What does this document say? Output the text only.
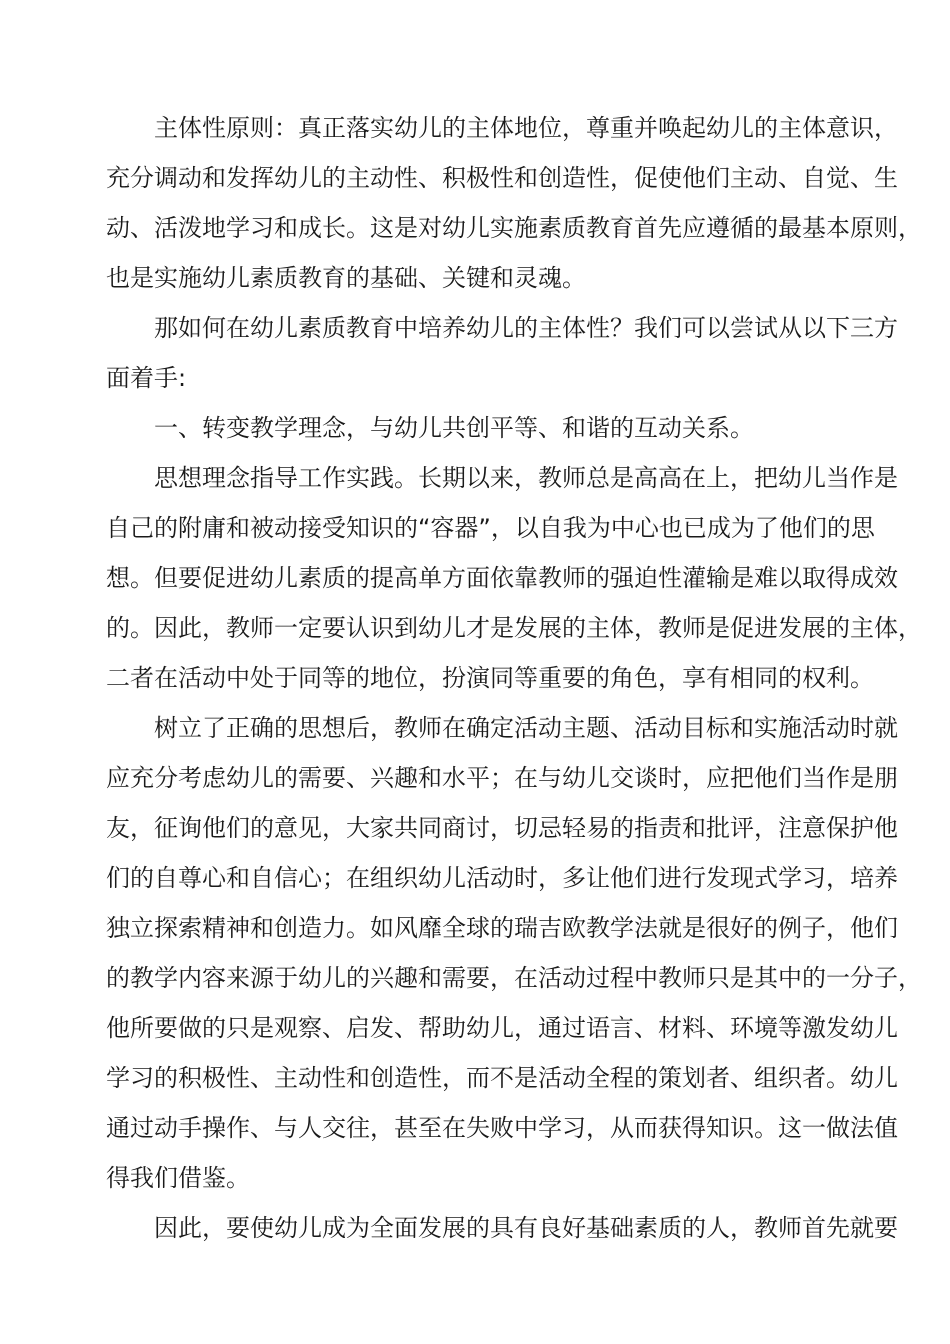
主体性原则：真正落实幼儿的主体地位，尊重并唤起幼儿的主体意识，
充分调动和发挥幼儿的主动性、积极性和创造性，促使他们主动、自觉、生
动、活泼地学习和成长。这是对幼儿实施素质教育首先应遵循的最基本原则，
也是实施幼儿素质教育的基础、关键和灵魂。
那如何在幼儿素质教育中培养幼儿的主体性？我们可以尝试从以下三方
面着手:
一、转变教学理念，与幼儿共创平等、和谐的互动关系。
思想理念指导工作实践。长期以来，教师总是高高在上，把幼儿当作是
自己的附庸和被动接受知识的“容器”，以自我为中心也已成为了他们的思
想。但要促进幼儿素质的提高单方面依靠教师的强迫性灌输是难以取得成效
的。因此，教师一定要认识到幼儿才是发展的主体，教师是促进发展的主体，
二者在活动中处于同等的地位，扮演同等重要的角色，享有相同的权利。
树立了正确的思想后，教师在确定活动主题、活动目标和实施活动时就
应充分考虑幼儿的需要、兴趣和水平；在与幼儿交谈时，应把他们当作是朋
友，征询他们的意见，大家共同商讨，切忌轻易的指责和批评，注意保护他
们的自尊心和自信心；在组织幼儿活动时，多让他们进行发现式学习，培养
独立探索精神和创造力。如风靡全球的瑞吉欧教学法就是很好的例子，他们
的教学内容来源于幼儿的兴趣和需要，在活动过程中教师只是其中的一分子，
他所要做的只是观察、启发、帮助幼儿，通过语言、材料、环境等激发幼儿
学习的积极性、主动性和创造性，而不是活动全程的策划者、组织者。幼儿
通过动手操作、与人交往，甚至在失败中学习，从而获得知识。这一做法值
得我们借鉴。
因此，要使幼儿成为全面发展的具有良好基础素质的人，教师首先就要
